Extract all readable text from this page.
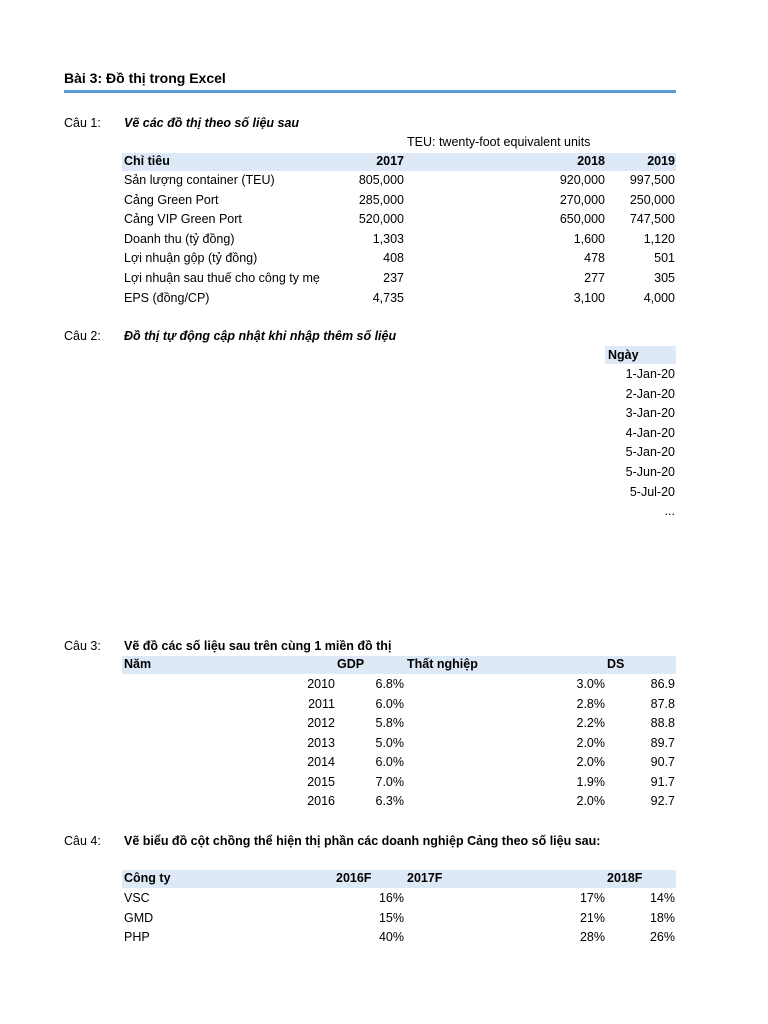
Bài 3: Đồ thị trong Excel
Câu 1: Vẽ các đồ thị theo số liệu sau
TEU: twenty-foot equivalent units
Chỉ tiêu	2017	2018	2019
Sản lượng container (TEU)	805,000	920,000	997,500
Cảng Green Port	285,000	270,000	250,000
Cảng VIP Green Port	520,000	650,000	747,500
Doanh thu (tỷ đồng)	1,303	1,600	1,120
Lợi nhuận gộp (tỷ đồng)	408	478	501
Lợi nhuận sau thuế cho công ty mẹ	237	277	305
EPS (đồng/CP)	4,735	3,100	4,000
Câu 2: Đồ thị tự động cập nhật khi nhập thêm số liệu
Ngày
1-Jan-20
2-Jan-20
3-Jan-20
4-Jan-20
5-Jan-20
5-Jun-20
5-Jul-20
...
Câu 3: Vẽ đồ các số liệu sau trên cùng 1 miền đồ thị
Năm	GDP	Thất nghiệp	DS
2010	6.8%	3.0%	86.9
2011	6.0%	2.8%	87.8
2012	5.8%	2.2%	88.8
2013	5.0%	2.0%	89.7
2014	6.0%	2.0%	90.7
2015	7.0%	1.9%	91.7
2016	6.3%	2.0%	92.7
Câu 4: Vẽ biểu đồ cột chồng thể hiện thị phần các doanh nghiệp Cảng theo số liệu sau:
Công ty	2016F	2017F	2018F
VSC	16%	17%	14%
GMD	15%	21%	18%
PHP	40%	28%	26%
